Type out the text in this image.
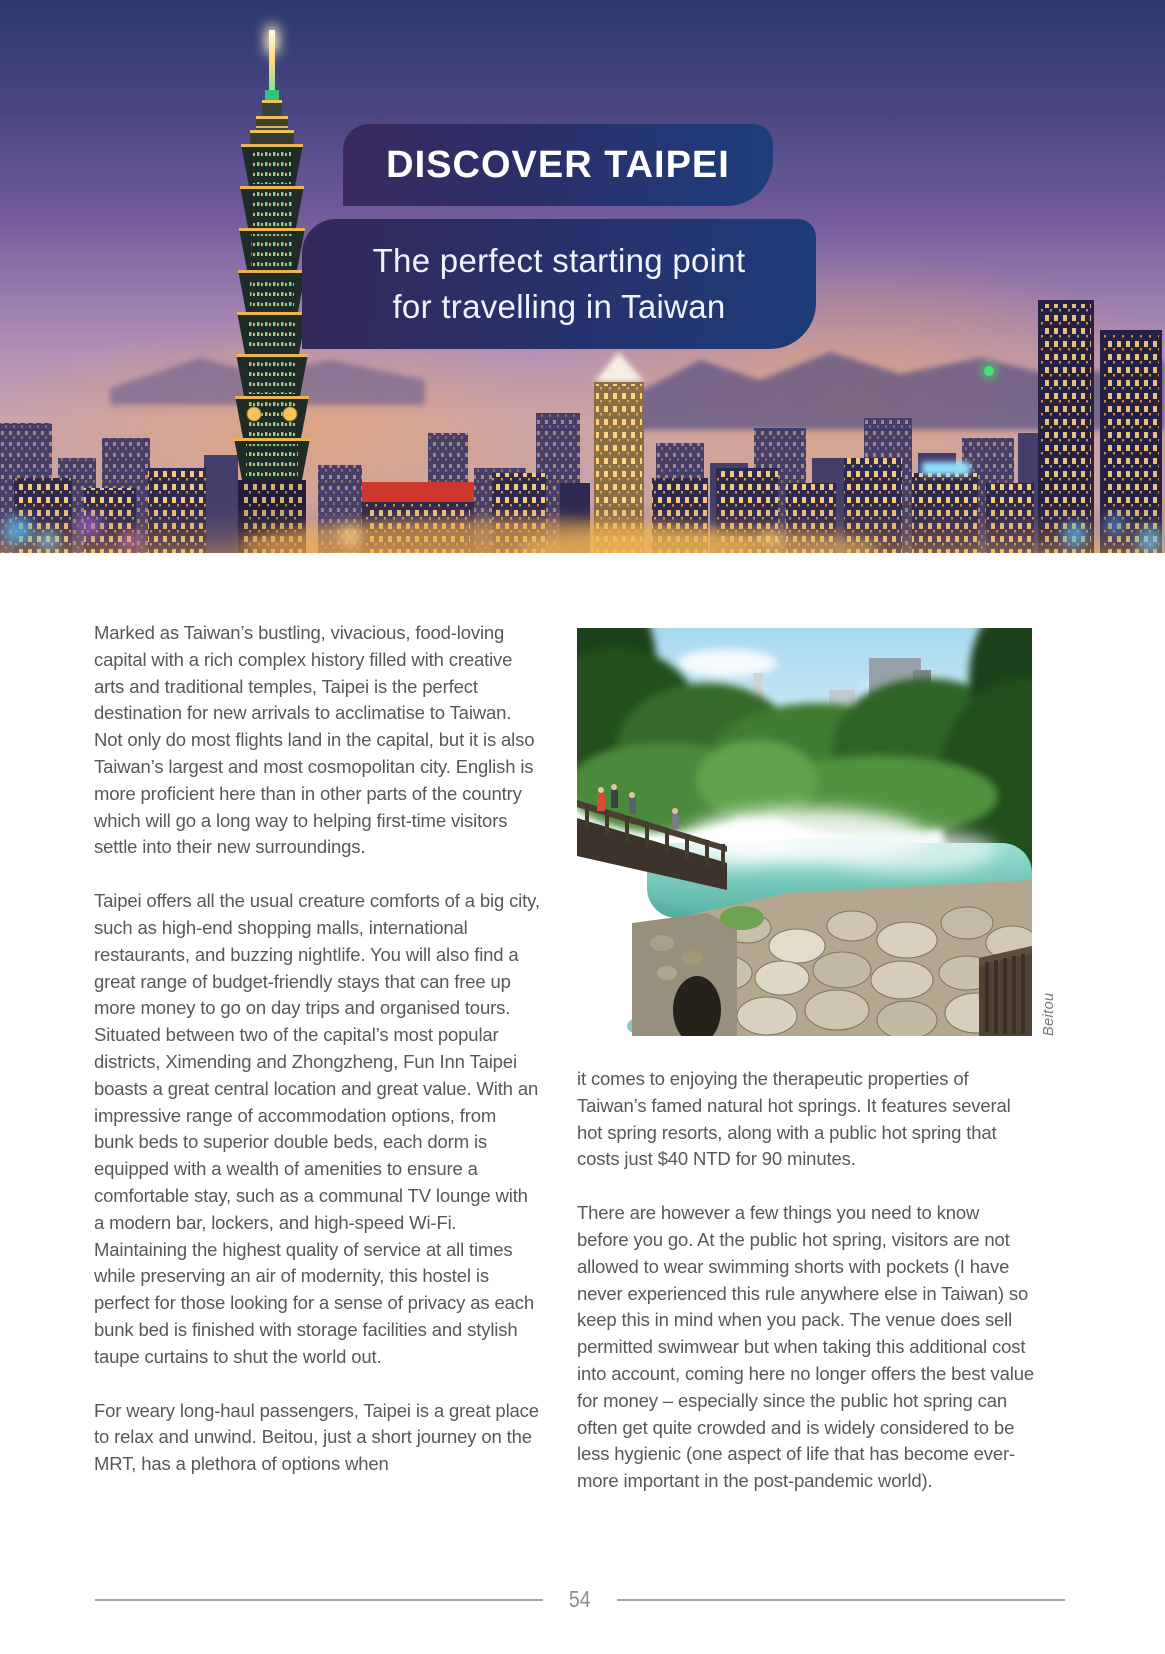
DISCOVER TAIPEI
The perfect starting point
for travelling in Taiwan

Marked as Taiwan’s bustling, vivacious, food-loving capital with a rich complex history filled with creative arts and traditional temples, Taipei is the perfect destination for new arrivals to acclimatise to Taiwan. Not only do most flights land in the capital, but it is also Taiwan’s largest and most cosmopolitan city. English is more proficient here than in other parts of the country which will go a long way to helping first-time visitors settle into their new surroundings.

Taipei offers all the usual creature comforts of a big city, such as high-end shopping malls, international restaurants, and buzzing nightlife. You will also find a great range of budget-friendly stays that can free up more money to go on day trips and organised tours. Situated between two of the capital’s most popular districts, Ximending and Zhongzheng, Fun Inn Taipei boasts a great central location and great value. With an impressive range of accommodation options, from bunk beds to superior double beds, each dorm is equipped with a wealth of amenities to ensure a comfortable stay, such as a communal TV lounge with a modern bar, lockers, and high-speed Wi-Fi. Maintaining the highest quality of service at all times while preserving an air of modernity, this hostel is perfect for those looking for a sense of privacy as each bunk bed is finished with storage facilities and stylish taupe curtains to shut the world out.

For weary long-haul passengers, Taipei is a great place to relax and unwind. Beitou, just a short journey on the MRT, has a plethora of options when

Beitou

it comes to enjoying the therapeutic properties of Taiwan’s famed natural hot springs. It features several hot spring resorts, along with a public hot spring that costs just $40 NTD for 90 minutes.

There are however a few things you need to know before you go. At the public hot spring, visitors are not allowed to wear swimming shorts with pockets (I have never experienced this rule anywhere else in Taiwan) so keep this in mind when you pack. The venue does sell permitted swimwear but when taking this additional cost into account, coming here no longer offers the best value for money – especially since the public hot spring can often get quite crowded and is widely considered to be less hygienic (one aspect of life that has become ever-more important in the post-pandemic world).

54
